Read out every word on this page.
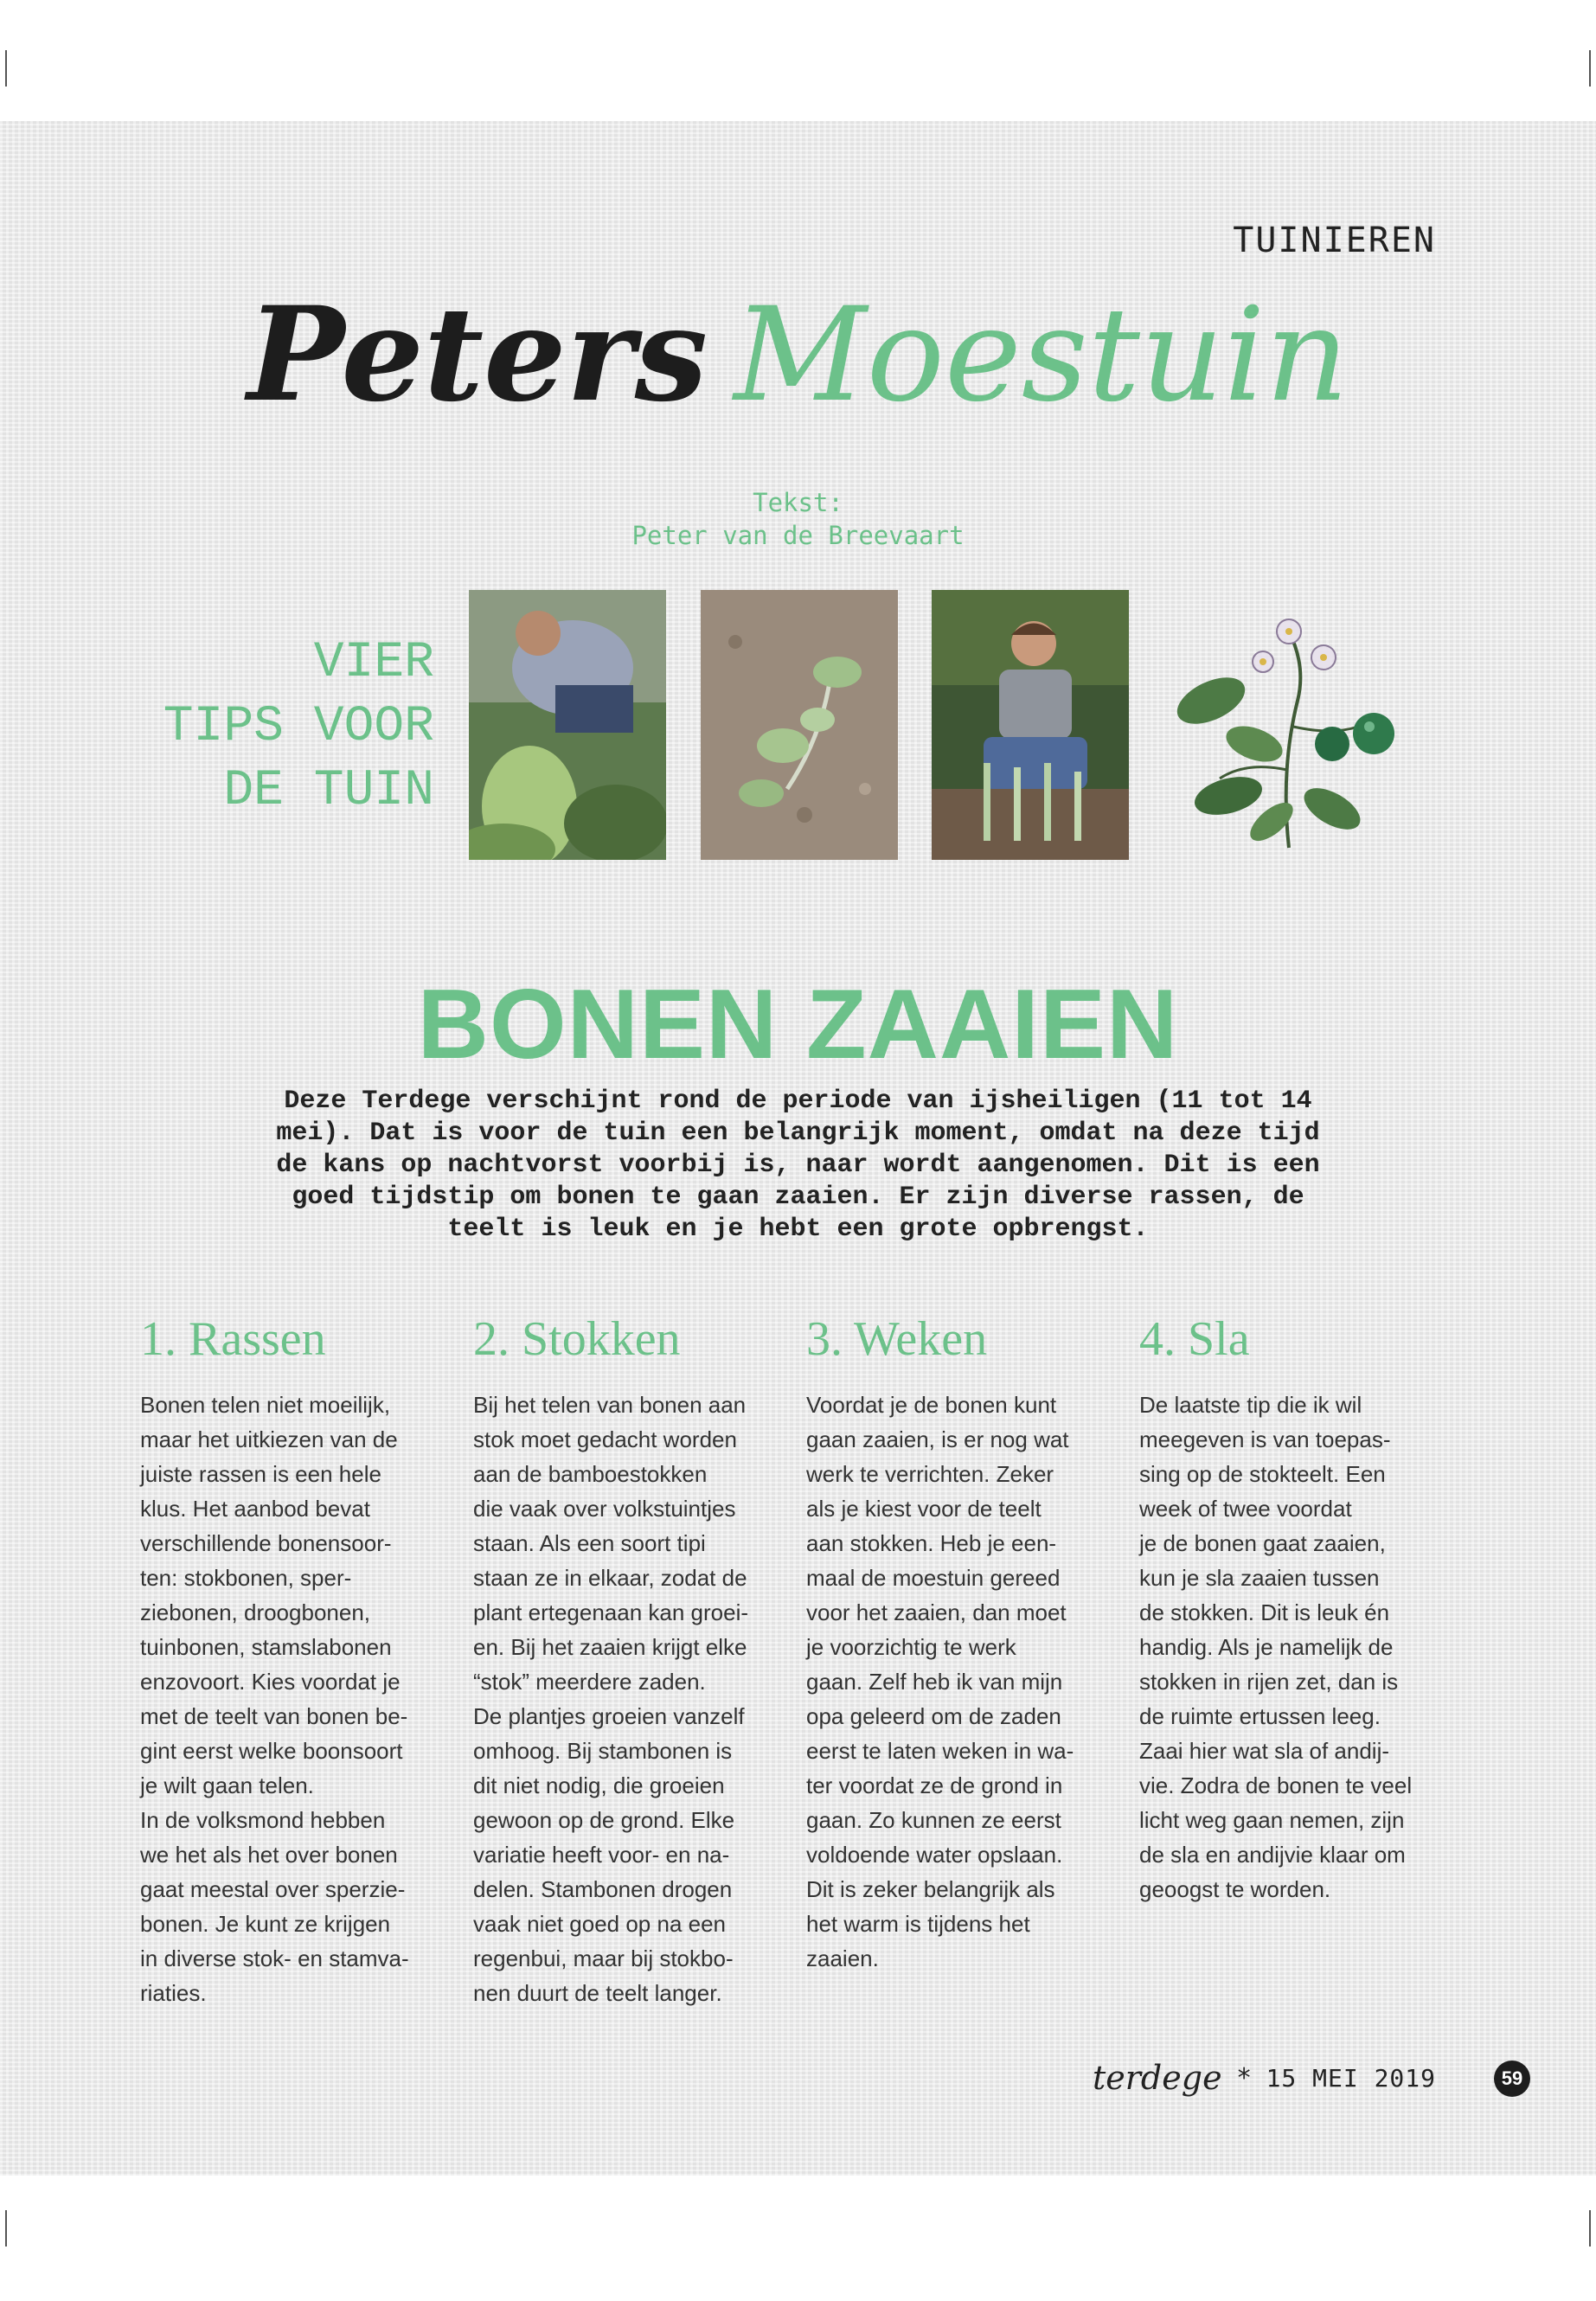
TUINIEREN
Peters Moestuin
Tekst:
Peter van de Breevaart
VIER
TIPS VOOR
DE TUIN
BONEN ZAAIEN
Deze Terdege verschijnt rond de periode van ijsheiligen (11 tot 14
mei). Dat is voor de tuin een belangrijk moment, omdat na deze tijd
de kans op nachtvorst voorbij is, naar wordt aangenomen. Dit is een
goed tijdstip om bonen te gaan zaaien. Er zijn diverse rassen, de
teelt is leuk en je hebt een grote opbrengst.
1. Rassen
Bonen telen niet moeilijk,
maar het uitkiezen van de
juiste rassen is een hele
klus. Het aanbod bevat
verschillende bonensoor-
ten: stokbonen, sper-
ziebonen, droogbonen,
tuinbonen, stamslabonen
enzovoort. Kies voordat je
met de teelt van bonen be-
gint eerst welke boonsoort
je wilt gaan telen.
In de volksmond hebben
we het als het over bonen
gaat meestal over sperzie-
bonen. Je kunt ze krijgen
in diverse stok- en stamva-
riaties.
2. Stokken
Bij het telen van bonen aan
stok moet gedacht worden
aan de bamboestokken
die vaak over volkstuintjes
staan. Als een soort tipi
staan ze in elkaar, zodat de
plant ertegenaan kan groei-
en. Bij het zaaien krijgt elke
“stok” meerdere zaden.
De plantjes groeien vanzelf
omhoog. Bij stambonen is
dit niet nodig, die groeien
gewoon op de grond. Elke
variatie heeft voor- en na-
delen. Stambonen drogen
vaak niet goed op na een
regenbui, maar bij stokbo-
nen duurt de teelt langer.
3. Weken
Voordat je de bonen kunt
gaan zaaien, is er nog wat
werk te verrichten. Zeker
als je kiest voor de teelt
aan stokken. Heb je een-
maal de moestuin gereed
voor het zaaien, dan moet
je voorzichtig te werk
gaan. Zelf heb ik van mijn
opa geleerd om de zaden
eerst te laten weken in wa-
ter voordat ze de grond in
gaan. Zo kunnen ze eerst
voldoende water opslaan.
Dit is zeker belangrijk als
het warm is tijdens het
zaaien.
4. Sla
De laatste tip die ik wil
meegeven is van toepas-
sing op de stokteelt. Een
week of twee voordat
je de bonen gaat zaaien,
kun je sla zaaien tussen
de stokken. Dit is leuk én
handig. Als je namelijk de
stokken in rijen zet, dan is
de ruimte ertussen leeg.
Zaai hier wat sla of andij-
vie. Zodra de bonen te veel
licht weg gaan nemen, zijn
de sla en andijvie klaar om
geoogst te worden.
terdege * 15 MEI 2019	59
